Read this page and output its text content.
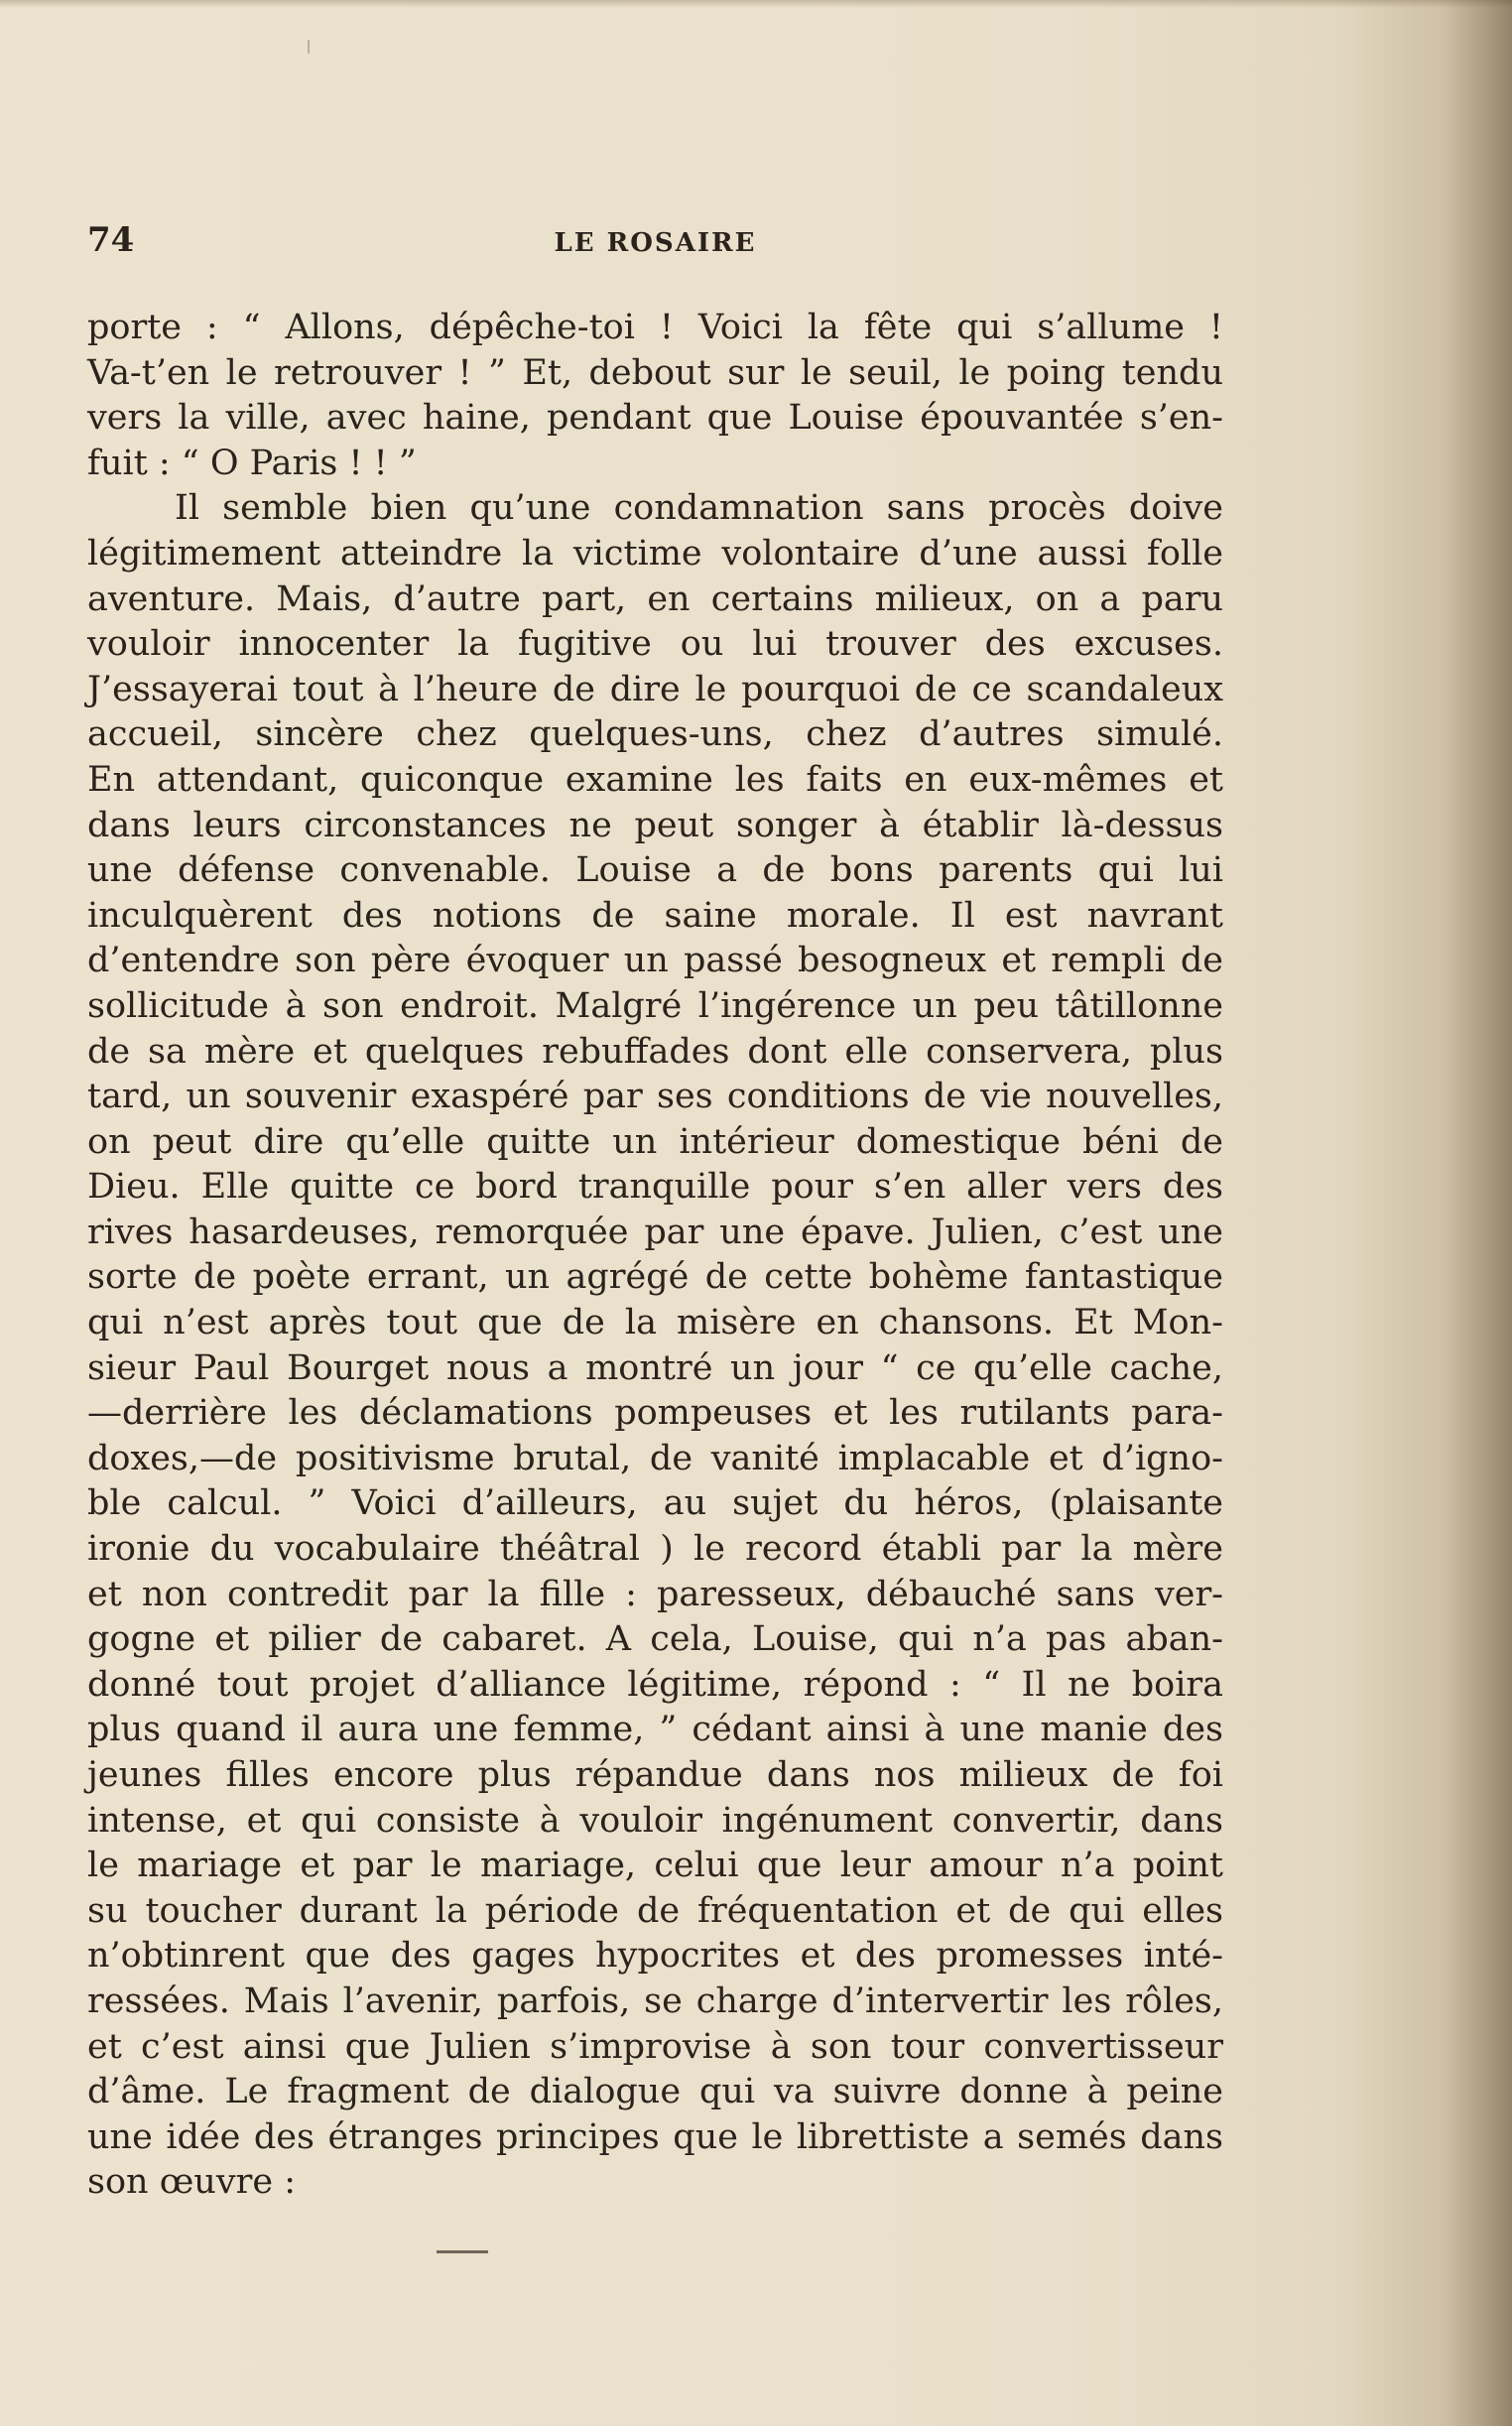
74	LE ROSAIRE
porte : “ Allons, dépêche-toi ! Voici la fête qui s’allume !
Va-t’en le retrouver ! ” Et, debout sur le seuil, le poing tendu
vers la ville, avec haine, pendant que Louise épouvantée s’en-
fuit : “ O Paris ! ! ”
Il semble bien qu’une condamnation sans procès doive
légitimement atteindre la victime volontaire d’une aussi folle
aventure. Mais, d’autre part, en certains milieux, on a paru
vouloir innocenter la fugitive ou lui trouver des excuses.
J’essayerai tout à l’heure de dire le pourquoi de ce scandaleux
accueil, sincère chez quelques-uns, chez d’autres simulé.
En attendant, quiconque examine les faits en eux-mêmes et
dans leurs circonstances ne peut songer à établir là-dessus
une défense convenable. Louise a de bons parents qui lui
inculquèrent des notions de saine morale. Il est navrant
d’entendre son père évoquer un passé besogneux et rempli de
sollicitude à son endroit. Malgré l’ingérence un peu tâtillonne
de sa mère et quelques rebuffades dont elle conservera, plus
tard, un souvenir exaspéré par ses conditions de vie nouvelles,
on peut dire qu’elle quitte un intérieur domestique béni de
Dieu. Elle quitte ce bord tranquille pour s’en aller vers des
rives hasardeuses, remorquée par une épave. Julien, c’est une
sorte de poète errant, un agrégé de cette bohème fantastique
qui n’est après tout que de la misère en chansons. Et Mon-
sieur Paul Bourget nous a montré un jour “ ce qu’elle cache,
—derrière les déclamations pompeuses et les rutilants para-
doxes,—de positivisme brutal, de vanité implacable et d’igno-
ble calcul. ” Voici d’ailleurs, au sujet du héros, (plaisante
ironie du vocabulaire théâtral ) le record établi par la mère
et non contredit par la fille : paresseux, débauché sans ver-
gogne et pilier de cabaret. A cela, Louise, qui n’a pas aban-
donné tout projet d’alliance légitime, répond : “ Il ne boira
plus quand il aura une femme, ” cédant ainsi à une manie des
jeunes filles encore plus répandue dans nos milieux de foi
intense, et qui consiste à vouloir ingénument convertir, dans
le mariage et par le mariage, celui que leur amour n’a point
su toucher durant la période de fréquentation et de qui elles
n’obtinrent que des gages hypocrites et des promesses inté-
ressées. Mais l’avenir, parfois, se charge d’intervertir les rôles,
et c’est ainsi que Julien s’improvise à son tour convertisseur
d’âme. Le fragment de dialogue qui va suivre donne à peine
une idée des étranges principes que le librettiste a semés dans
son œuvre :
